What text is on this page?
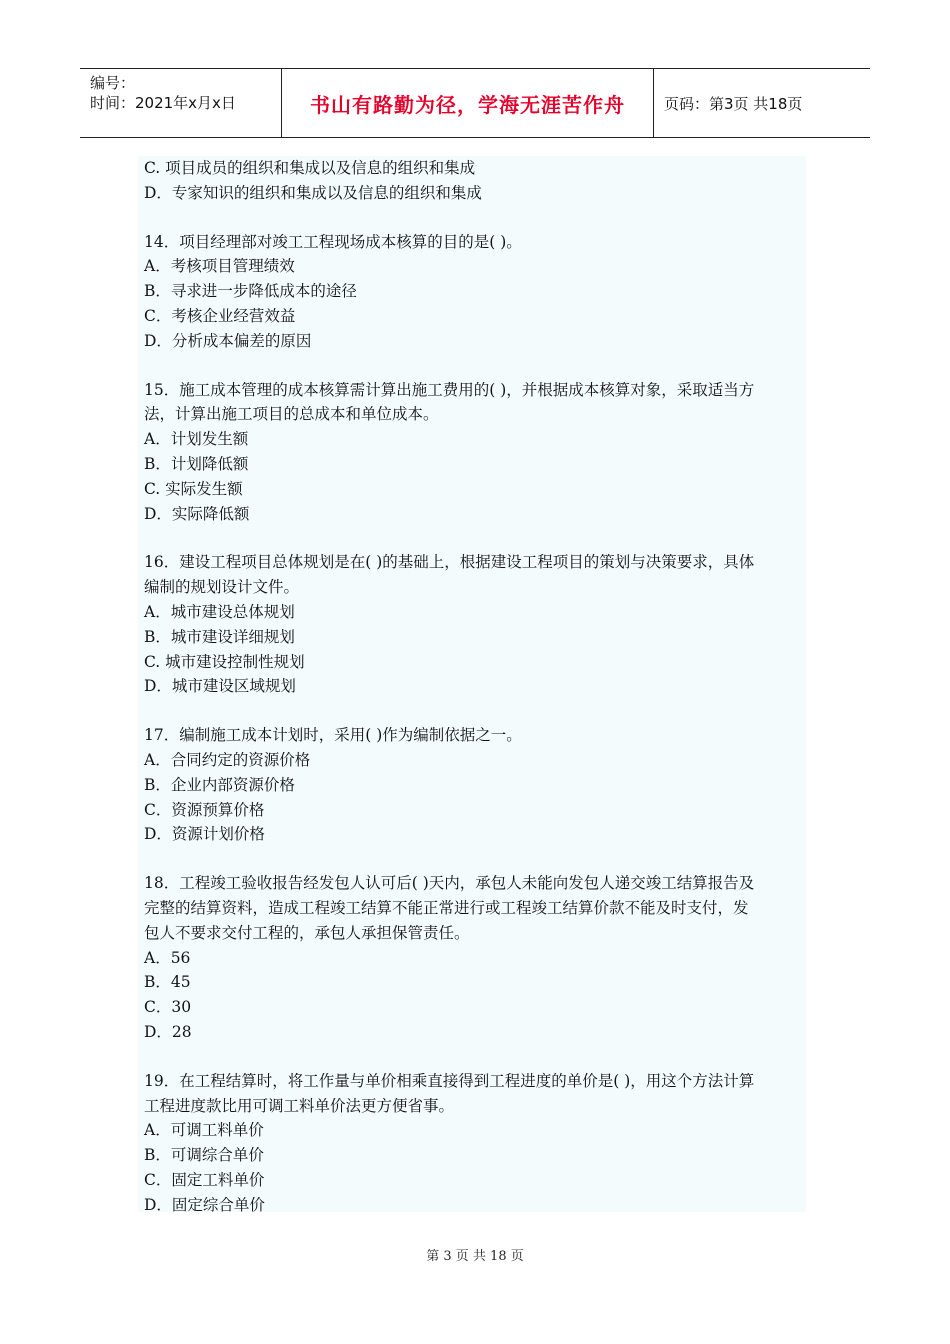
编号：
时间：2021年x月x日	书山有路勤为径，学海无涯苦作舟	页码：第3页 共18页
C. 项目成员的组织和集成以及信息的组织和集成
D．专家知识的组织和集成以及信息的组织和集成
14．项目经理部对竣工工程现场成本核算的目的是( )。
A．考核项目管理绩效
B．寻求进一步降低成本的途径
C．考核企业经营效益
D．分析成本偏差的原因
15．施工成本管理的成本核算需计算出施工费用的( )，并根据成本核算对象，采取适当方
法，计算出施工项目的总成本和单位成本。
A．计划发生额
B．计划降低额
C. 实际发生额
D．实际降低额
16．建设工程项目总体规划是在( )的基础上，根据建设工程项目的策划与决策要求，具体
编制的规划设计文件。
A．城市建设总体规划
B．城市建设详细规划
C. 城市建设控制性规划
D．城市建设区域规划
17．编制施工成本计划时，采用( )作为编制依据之一。
A．合同约定的资源价格
B．企业内部资源价格
C．资源预算价格
D．资源计划价格
18．工程竣工验收报告经发包人认可后( )天内，承包人未能向发包人递交竣工结算报告及
完整的结算资料，造成工程竣工结算不能正常进行或工程竣工结算价款不能及时支付，发
包人不要求交付工程的，承包人承担保管责任。
A．56
B．45
C．30
D．28
19．在工程结算时，将工作量与单价相乘直接得到工程进度的单价是( )，用这个方法计算
工程进度款比用可调工料单价法更方便省事。
A．可调工料单价
B．可调综合单价
C．固定工料单价
D．固定综合单价
第 3 页 共 18 页
